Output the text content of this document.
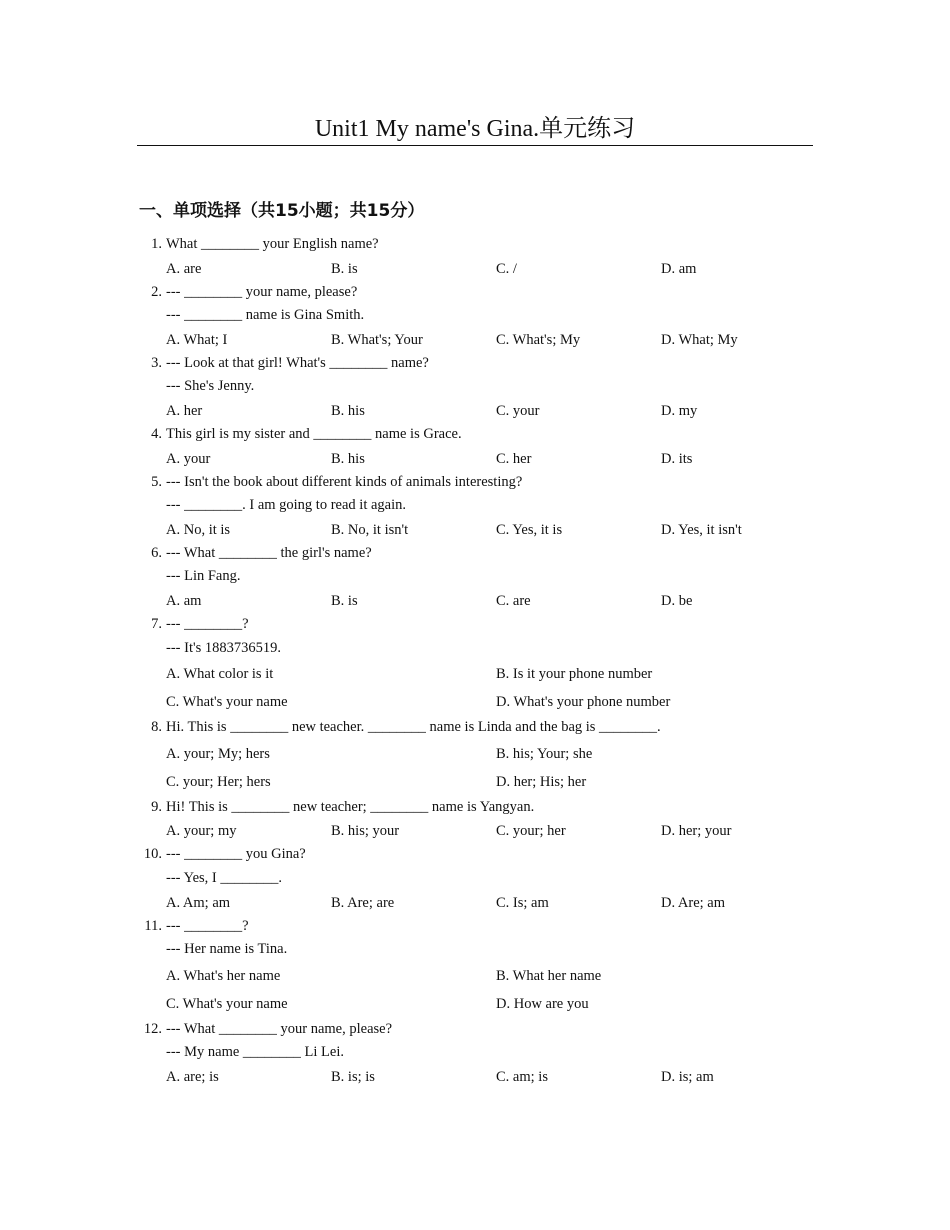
Unit1 My name's Gina.单元练习
一、单项选择（共15小题；共15分）
1. What ________ your English name?
A. are	B. is	C. /	D. am
2. --- ________ your name, please?
--- ________ name is Gina Smith.
A. What; I	B. What's; Your	C. What's; My	D. What; My
3. --- Look at that girl! What's ________ name?
--- She's Jenny.
A. her	B. his	C. your	D. my
4. This girl is my sister and ________ name is Grace.
A. your	B. his	C. her	D. its
5. --- Isn't the book about different kinds of animals interesting?
--- ________. I am going to read it again.
A. No, it is	B. No, it isn't	C. Yes, it is	D. Yes, it isn't
6. --- What ________ the girl's name?
--- Lin Fang.
A. am	B. is	C. are	D. be
7. --- ________?
--- It's 1883736519.
A. What color is it	B. Is it your phone number
C. What's your name	D. What's your phone number
8. Hi. This is ________ new teacher. ________ name is Linda and the bag is ________.
A. your; My; hers	B. his; Your; she
C. your; Her; hers	D. her; His; her
9. Hi! This is ________ new teacher; ________ name is Yangyan.
A. your; my	B. his; your	C. your; her	D. her; your
10. --- ________ you Gina?
--- Yes, I ________.
A. Am; am	B. Are; are	C. Is; am	D. Are; am
11. --- ________?
--- Her name is Tina.
A. What's her name	B. What her name
C. What's your name	D. How are you
12. --- What ________ your name, please?
--- My name ________ Li Lei.
A. are; is	B. is; is	C. am; is	D. is; am
